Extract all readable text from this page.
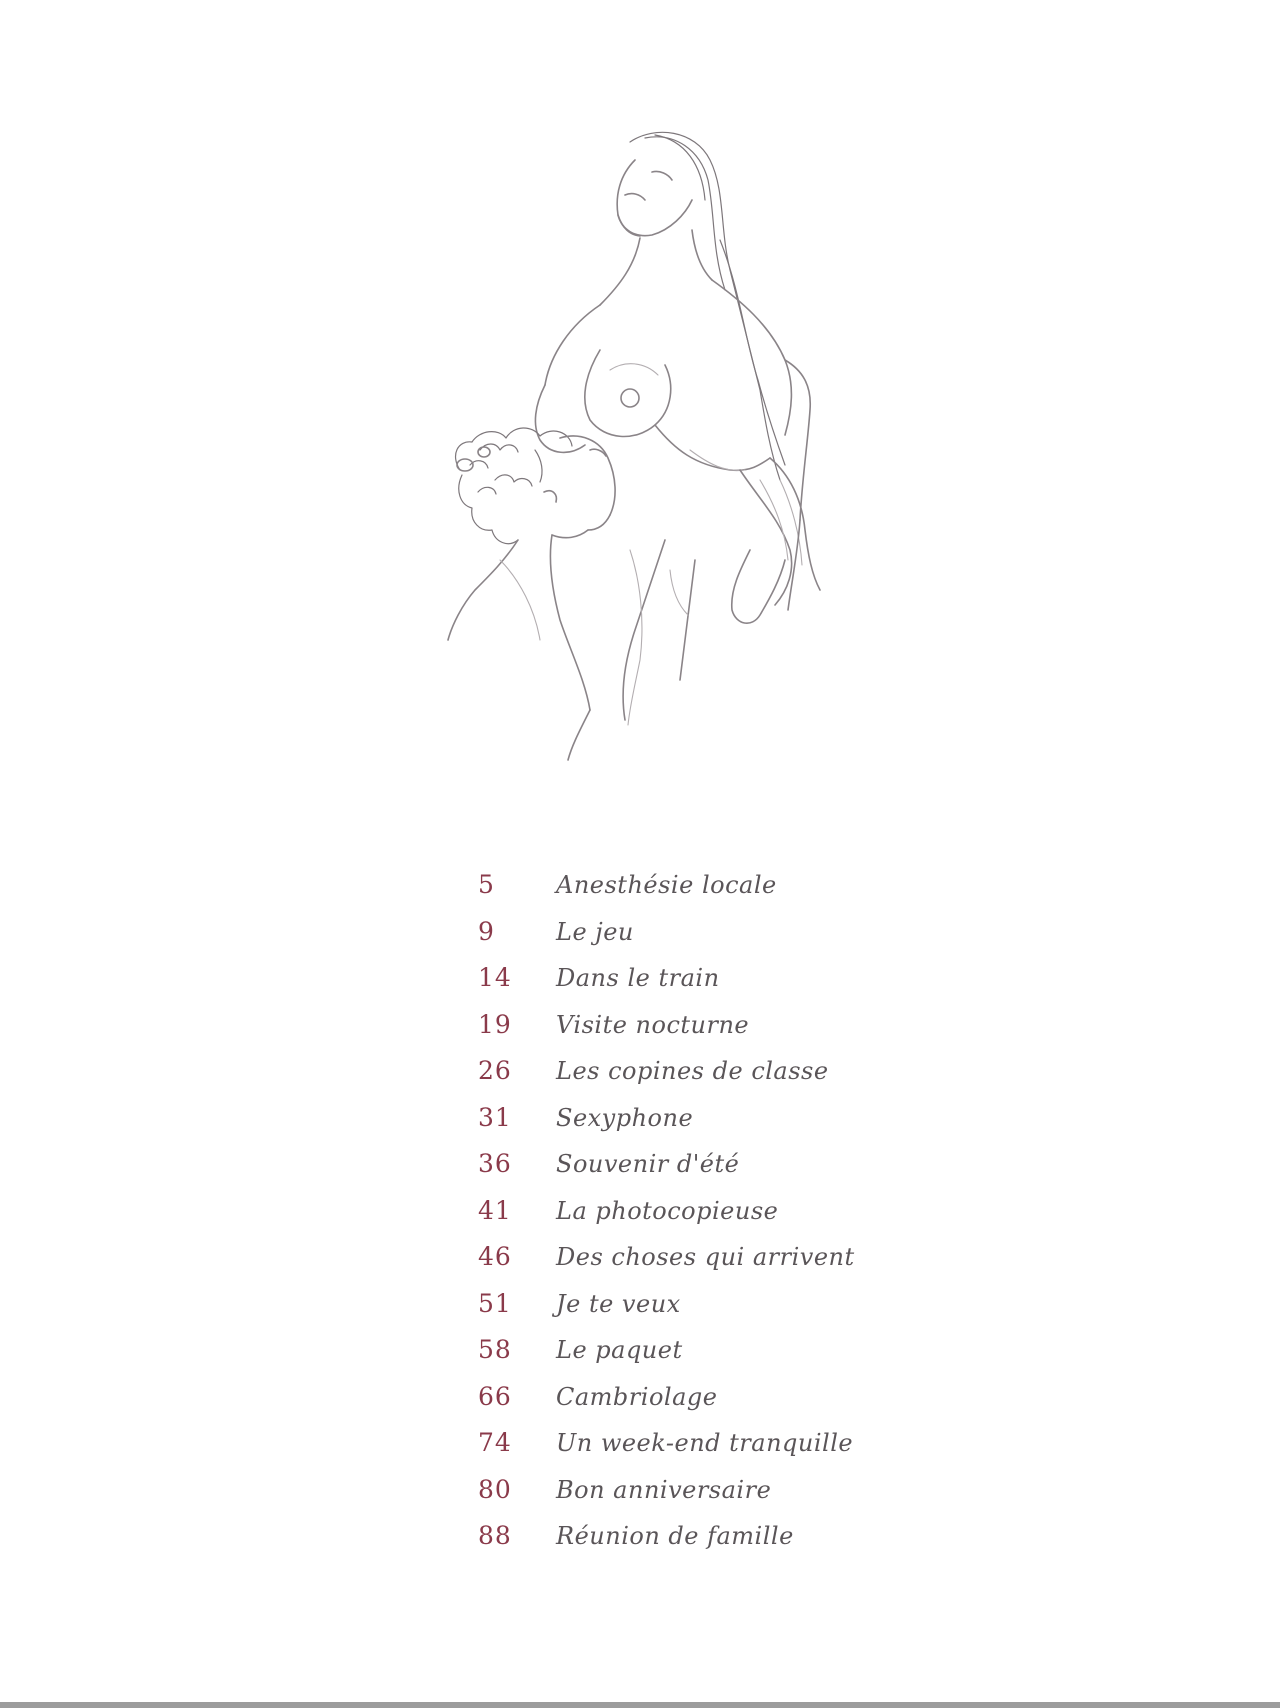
5	Anesthésie locale
9	Le jeu
14	Dans le train
19	Visite nocturne
26	Les copines de classe
31	Sexyphone
36	Souvenir d'été
41	La photocopieuse
46	Des choses qui arrivent
51	Je te veux
58	Le paquet
66	Cambriolage
74	Un week-end tranquille
80	Bon anniversaire
88	Réunion de famille
